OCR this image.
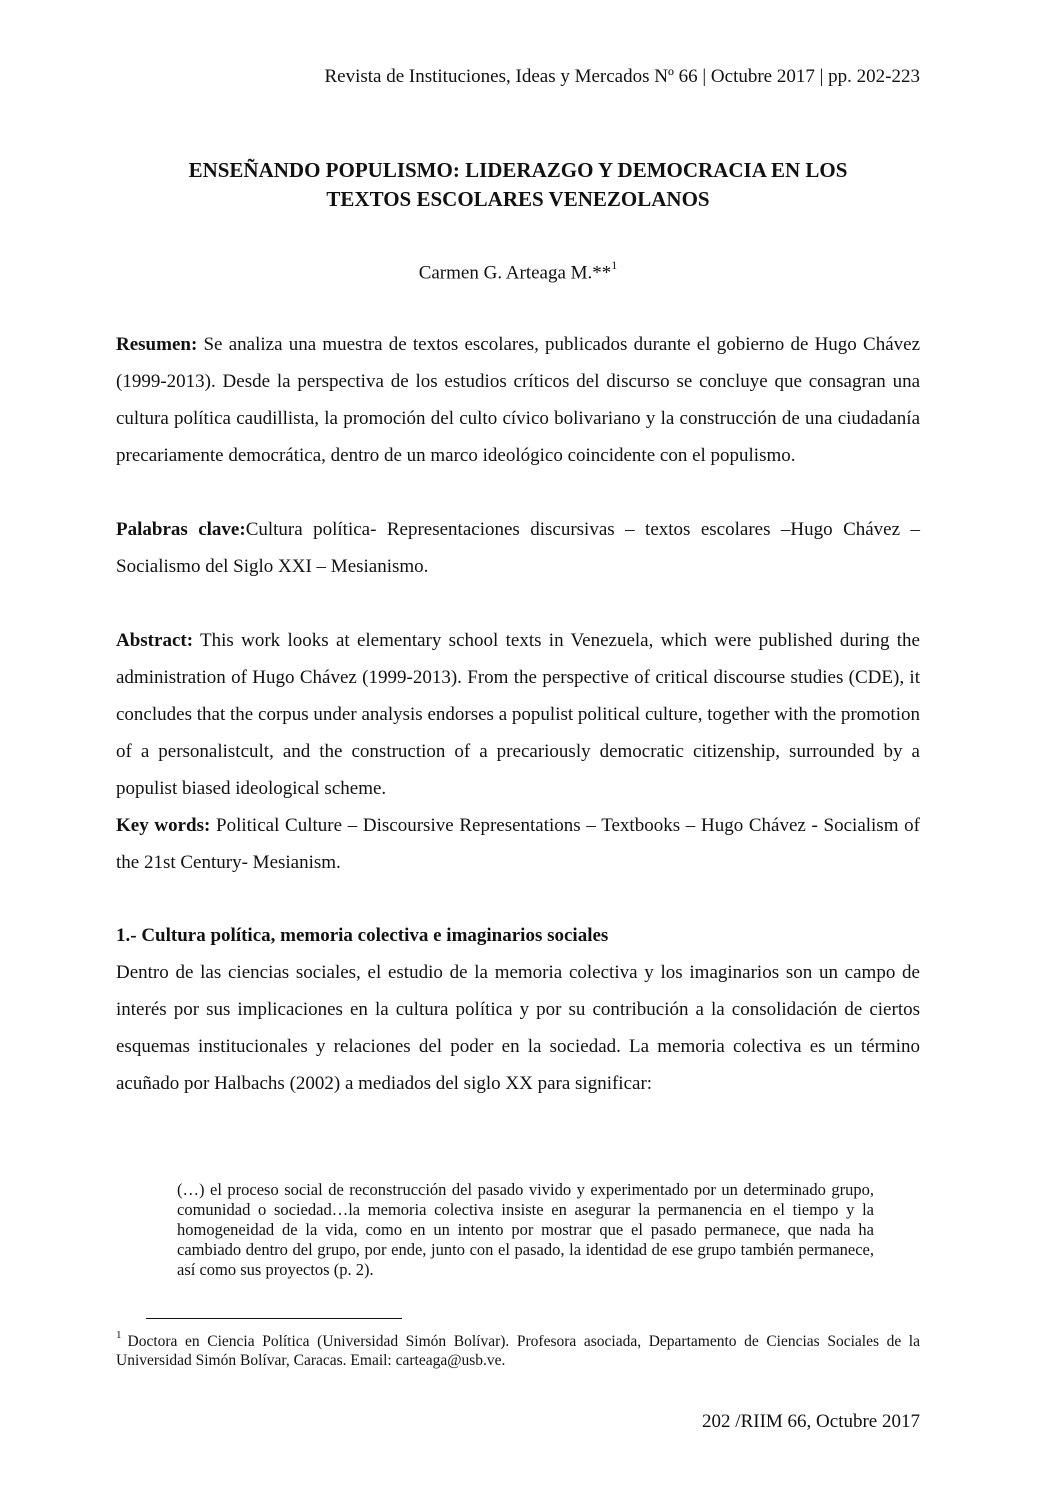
Revista de Instituciones, Ideas y Mercados Nº 66 | Octubre 2017 | pp. 202-223
ENSEÑANDO POPULISMO: LIDERAZGO Y DEMOCRACIA EN LOS
TEXTOS ESCOLARES VENEZOLANOS
Carmen G. Arteaga M.**$^1$
Resumen: Se analiza una muestra de textos escolares, publicados durante el gobierno de Hugo Chávez (1999-2013). Desde la perspectiva de los estudios críticos del discurso se concluye que consagran una cultura política caudillista, la promoción del culto cívico bolivariano y la construcción de una ciudadanía precariamente democrática, dentro de un marco ideológico coincidente con el populismo.
Palabras clave:Cultura política- Representaciones discursivas – textos escolares –Hugo Chávez – Socialismo del Siglo XXI – Mesianismo.
Abstract: This work looks at elementary school texts in Venezuela, which were published during the administration of Hugo Chávez (1999-2013). From the perspective of critical discourse studies (CDE), it concludes that the corpus under analysis endorses a populist political culture, together with the promotion of a personalistcult, and the construction of a precariously democratic citizenship, surrounded by a populist biased ideological scheme.
Key words: Political Culture – Discoursive Representations – Textbooks – Hugo Chávez - Socialism of the 21st Century- Mesianism.
1.- Cultura política, memoria colectiva e imaginarios sociales
Dentro de las ciencias sociales, el estudio de la memoria colectiva y los imaginarios son un campo de interés por sus implicaciones en la cultura política y por su contribución a la consolidación de ciertos esquemas institucionales y relaciones del poder en la sociedad. La memoria colectiva es un término acuñado por Halbachs (2002) a mediados del siglo XX para significar:
(…) el proceso social de reconstrucción del pasado vivido y experimentado por un determinado grupo, comunidad o sociedad…la memoria colectiva insiste en asegurar la permanencia en el tiempo y la homogeneidad de la vida, como en un intento por mostrar que el pasado permanece, que nada ha cambiado dentro del grupo, por ende, junto con el pasado, la identidad de ese grupo también permanece, así como sus proyectos (p. 2).
$^1$ Doctora en Ciencia Política (Universidad Simón Bolívar). Profesora asociada, Departamento de Ciencias Sociales de la Universidad Simón Bolívar, Caracas. Email: carteaga@usb.ve.
202 /RIIM 66, Octubre 2017
